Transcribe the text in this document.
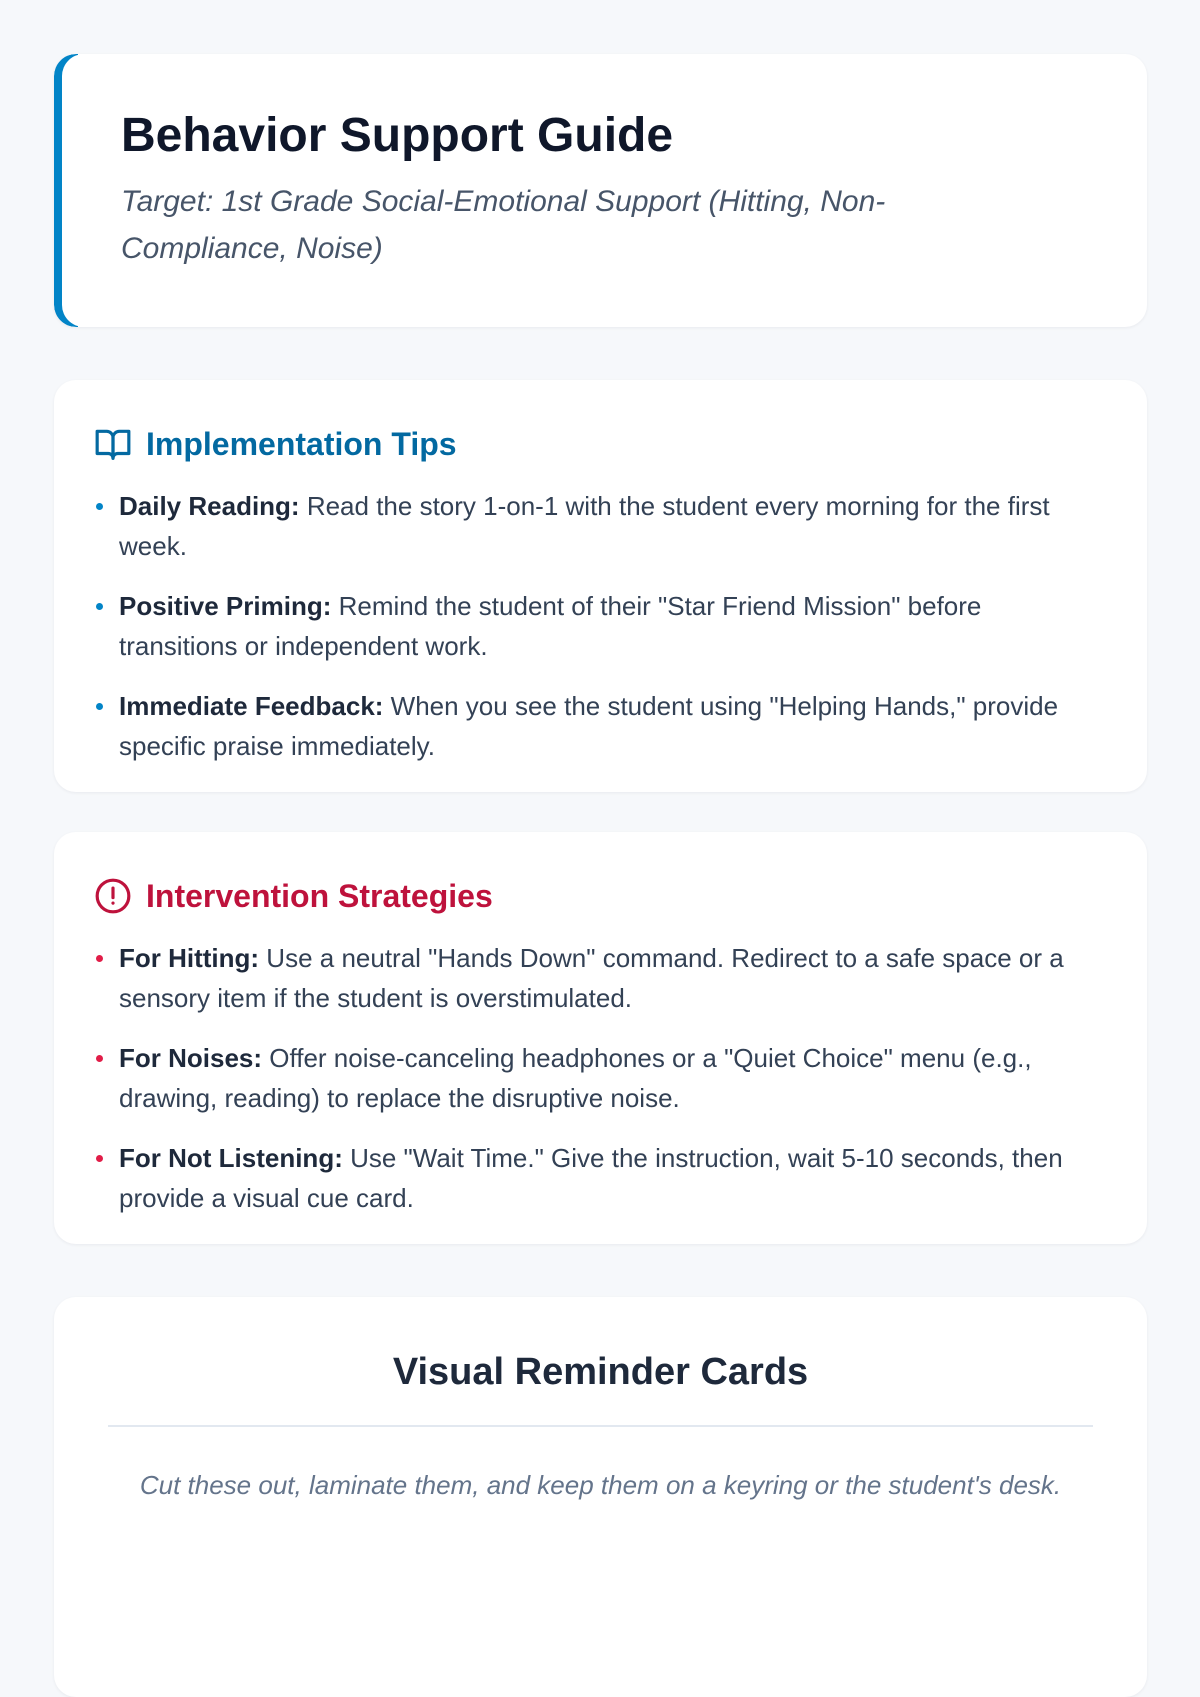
Behavior Support Guide

Target: 1st Grade Social-Emotional Support (Hitting, Non-Compliance, Noise)

Implementation Tips
Daily Reading: Read the story 1-on-1 with the student every morning for the first week.
Positive Priming: Remind the student of their "Star Friend Mission" before transitions or independent work.
Immediate Feedback: When you see the student using "Helping Hands," provide specific praise immediately.
Intervention Strategies
For Hitting: Use a neutral "Hands Down" command. Redirect to a safe space or a sensory item if the student is overstimulated.
For Noises: Offer noise-canceling headphones or a "Quiet Choice" menu (e.g., drawing, reading) to replace the disruptive noise.
For Not Listening: Use "Wait Time." Give the instruction, wait 5-10 seconds, then provide a visual cue card.
Visual Reminder Cards

Cut these out, laminate them, and keep them on a keyring or the student's desk.
